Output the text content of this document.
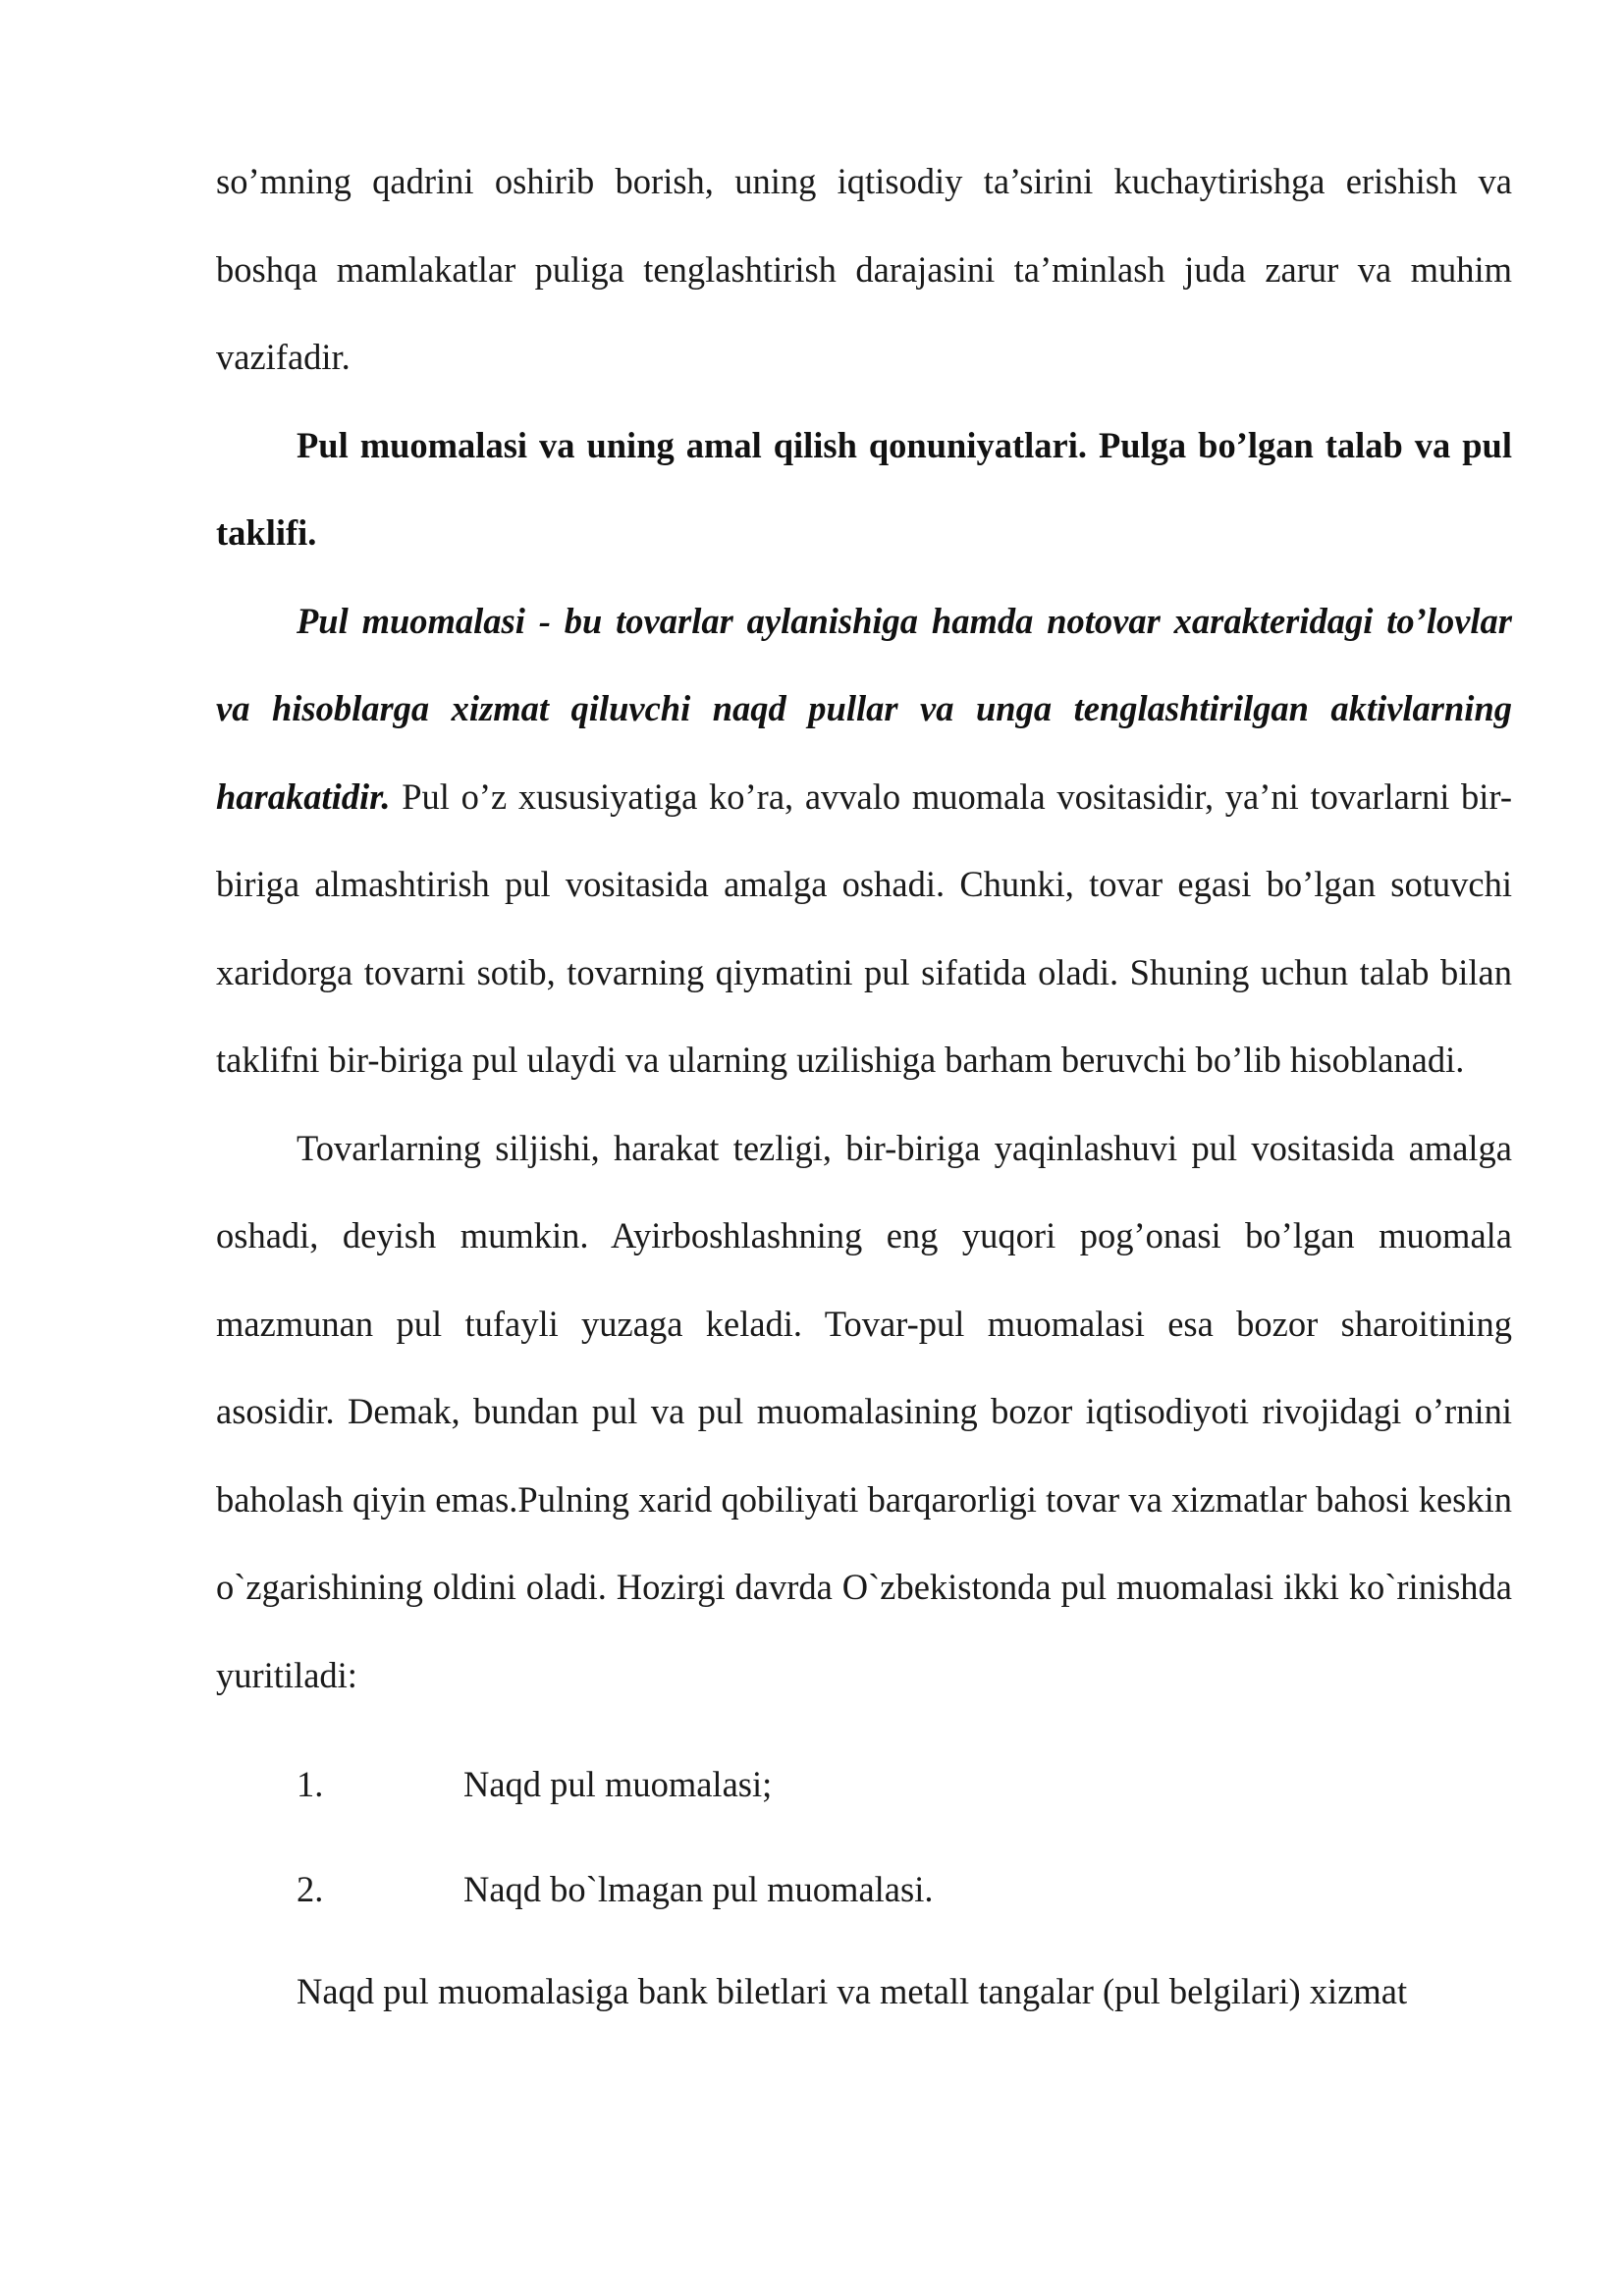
so’mning qadrini oshirib borish, uning iqtisodiy ta’sirini kuchaytirishga erishish va boshqa mamlakatlar puliga tenglashtirish darajasini ta’minlash juda zarur va muhim vazifadir.

Pul muomalasi va uning amal qilish qonuniyatlari. Pulga bo’lgan talab va pul taklifi.

Pul muomalasi - bu tovarlar aylanishiga hamda notovar xarakteridagi to’lovlar va hisoblarga xizmat qiluvchi naqd pullar va unga tenglashtirilgan aktivlarning harakatidir. Pul o’z xususiyatiga ko’ra, avvalo muomala vositasidir, ya’ni tovarlarni bir-biriga almashtirish pul vositasida amalga oshadi. Chunki, tovar egasi bo’lgan sotuvchi xaridorga tovarni sotib, tovarning qiymatini pul sifatida oladi. Shuning uchun talab bilan taklifni bir-biriga pul ulaydi va ularning uzilishiga barham beruvchi bo’lib hisoblanadi.

Tovarlarning siljishi, harakat tezligi, bir-biriga yaqinlashuvi pul vositasida amalga oshadi, deyish mumkin. Ayirboshlashning eng yuqori pog’onasi bo’lgan muomala mazmunan pul tufayli yuzaga keladi. Tovar-pul muomalasi esa bozor sharoitining asosidir. Demak, bundan pul va pul muomalasining bozor iqtisodiyoti rivojidagi o’rnini baholash qiyin emas.Pulning xarid qobiliyati barqarorligi tovar va xizmatlar bahosi keskin o`zgarishining oldini oladi. Hozirgi davrda O`zbekistonda pul muomalasi ikki ko`rinishda yuritiladi:

1.	Naqd pul muomalasi;
2.	Naqd bo`lmagan pul muomalasi.

Naqd pul muomalasiga bank biletlari va metall tangalar (pul belgilari) xizmat
